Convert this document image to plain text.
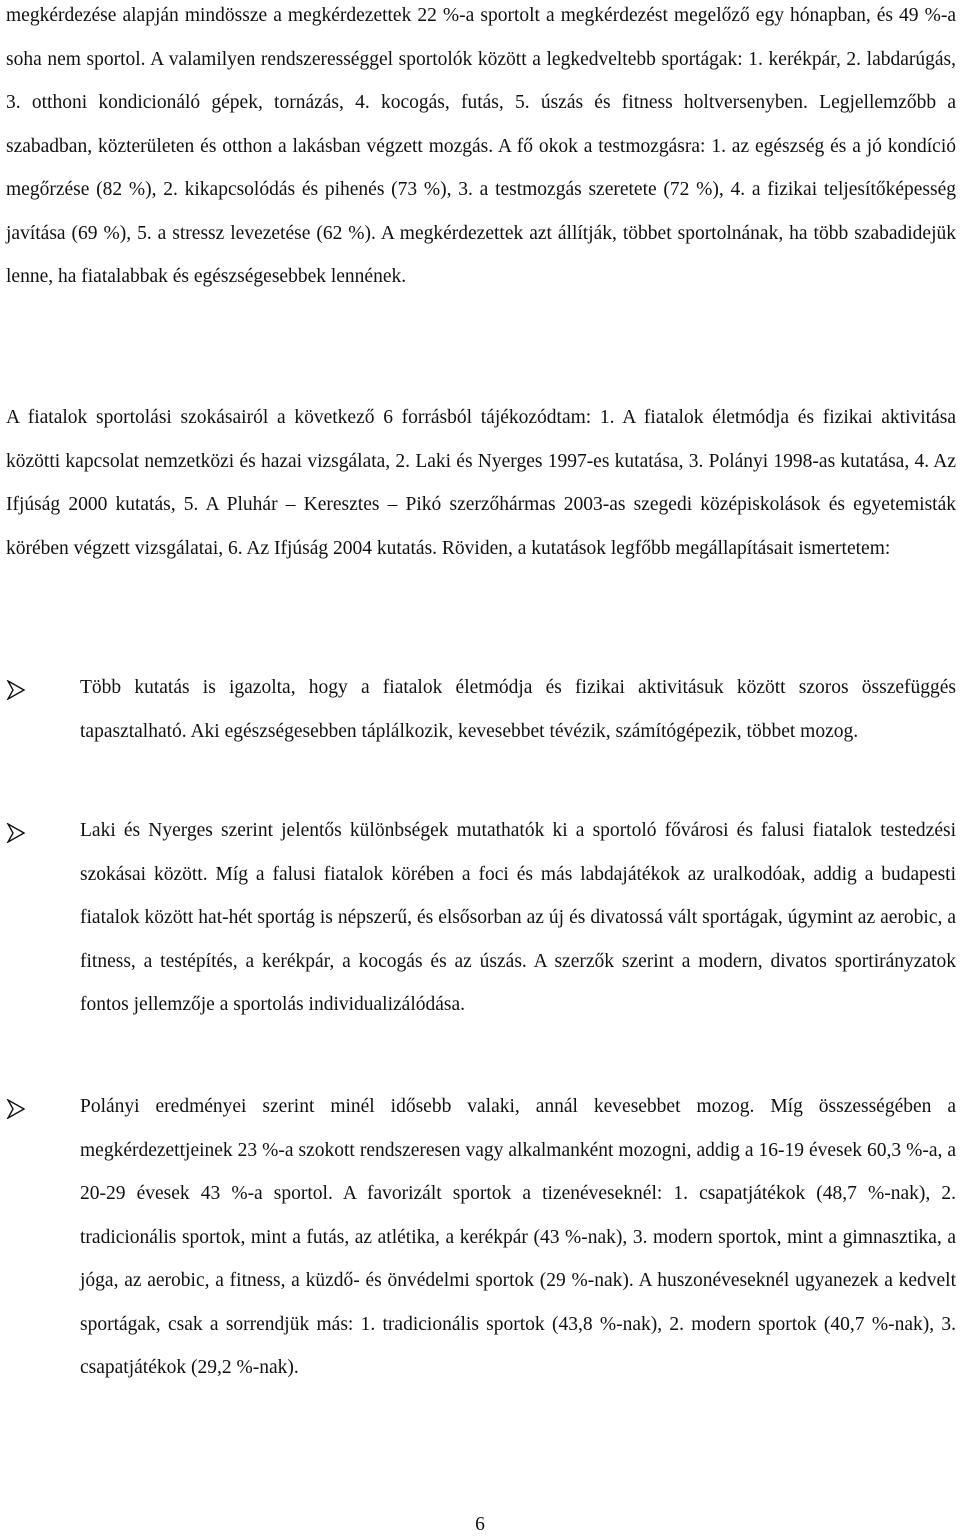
megkérdezése alapján mindössze a megkérdezettek 22 %-a sportolt a megkérdezést megelőző egy hónapban, és 49 %-a soha nem sportol. A valamilyen rendszerességgel sportolók között a legkedveltebb sportágak: 1. kerékpár, 2. labdarúgás, 3. otthoni kondicionáló gépek, tornázás, 4. kocogás, futás, 5. úszás és fitness holtversenyben. Legjellemzőbb a szabadban, közterületen és otthon a lakásban végzett mozgás. A fő okok a testmozgásra: 1. az egészség és a jó kondíció megőrzése (82 %), 2. kikapcsolódás és pihenés (73 %), 3. a testmozgás szeretete (72 %), 4. a fizikai teljesítőképesség javítása (69 %), 5. a stressz levezetése (62 %). A megkérdezettek azt állítják, többet sportolnának, ha több szabadidejük lenne, ha fiatalabbak és egészségesebbek lennének.

A fiatalok sportolási szokásairól a következő 6 forrásból tájékozódtam: 1. A fiatalok életmódja és fizikai aktivitása közötti kapcsolat nemzetközi és hazai vizsgálata, 2. Laki és Nyerges 1997-es kutatása, 3. Polányi 1998-as kutatása, 4. Az Ifjúság 2000 kutatás, 5. A Pluhár – Keresztes – Pikó szerzőhármas 2003-as szegedi középiskolások és egyetemisták körében végzett vizsgálatai, 6. Az Ifjúság 2004 kutatás. Röviden, a kutatások legfőbb megállapításait ismertetem:

Több kutatás is igazolta, hogy a fiatalok életmódja és fizikai aktivitásuk között szoros összefüggés tapasztalható. Aki egészségesebben táplálkozik, kevesebbet tévézik, számítógépezik, többet mozog.

Laki és Nyerges szerint jelentős különbségek mutathatók ki a sportoló fővárosi és falusi fiatalok testedzési szokásai között. Míg a falusi fiatalok körében a foci és más labdajátékok az uralkodóak, addig a budapesti fiatalok között hat-hét sportág is népszerű, és elsősorban az új és divatossá vált sportágak, úgymint az aerobic, a fitness, a testépítés, a kerékpár, a kocogás és az úszás. A szerzők szerint a modern, divatos sportirányzatok fontos jellemzője a sportolás individualizálódása.

Polányi eredményei szerint minél idősebb valaki, annál kevesebbet mozog. Míg összességében a megkérdezettjeinek 23 %-a szokott rendszeresen vagy alkalmanként mozogni, addig a 16-19 évesek 60,3 %-a, a 20-29 évesek 43 %-a sportol. A favorizált sportok a tizenéveseknél: 1. csapatjátékok (48,7 %-nak), 2. tradicionális sportok, mint a futás, az atlétika, a kerékpár (43 %-nak), 3. modern sportok, mint a gimnasztika, a jóga, az aerobic, a fitness, a küzdő- és önvédelmi sportok (29 %-nak). A huszonéveseknél ugyanezek a kedvelt sportágak, csak a sorrendjük más: 1. tradicionális sportok (43,8 %-nak), 2. modern sportok (40,7 %-nak), 3. csapatjátékok (29,2 %-nak).

6
